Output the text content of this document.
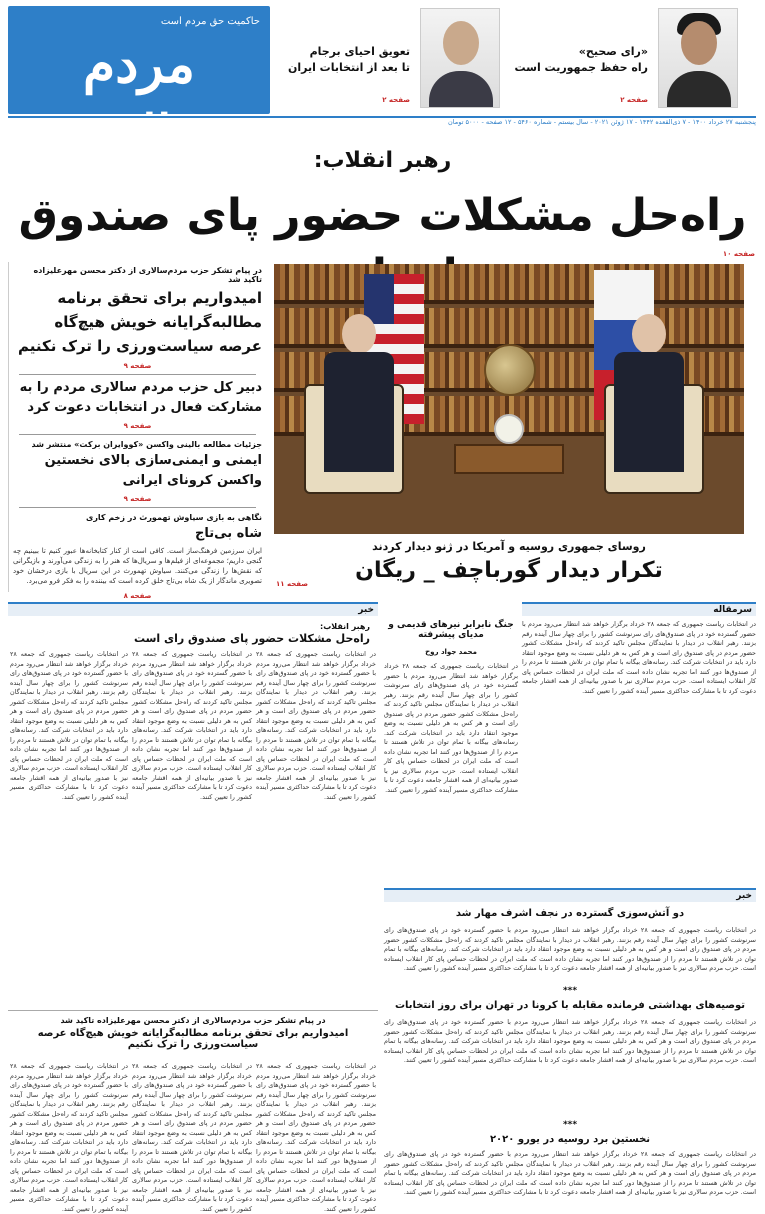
حاکمیت حق مردم است
مردم سالاری
«رای صحیح»
راه حفظ جمهوریت است
صفحه ۲
تعویق احیای برجام
تا بعد از انتخابات ایران
صفحه ۲
پنجشنبه ۲۷ خرداد ۱۴۰۰ - ۷ ذی‌القعده ۱۴۴۲ - ۱۷ ژوئن ۲۰۲۱ - سال بیستم - شماره ۵۴۶۰ - ۱۲ صفحه - ۵۰۰۰ تومان
رهبر انقلاب:
راه‌حل مشکلات حضور پای صندوق
صفحه ۱۰
در پیام تشکر حزب مردم‌سالاری از دکتر محسن مهرعلیزاده تاکید شد
امیدواریم برای تحقق برنامه مطالبه‌گرایانه خویش هیچ‌گاه عرصه سیاست‌ورزی را ترک نکنیم
صفحه ۹
دبیر کل حزب مردم سالاری مردم را به مشارکت فعال در انتخابات دعوت کرد
صفحه ۹
جزئیات مطالعه بالینی واکسن «کووایران برکت» منتشر شد
ایمنی و ایمنی‌سازی بالای نخستین واکسن کرونای ایرانی
صفحه ۹
نگاهی به بازی سیاوش تهمورث در زخم کاری
شاه بی‌تاج
ایران سرزمین فرهنگ‌ساز است. کافی است از کنار کتابخانه‌ها عبور کنیم تا ببینیم چه گنجی داریم؛ مجموعه‌ای از فیلم‌ها و سریال‌ها که هنر را به زندگی می‌آورند و بازیگرانی که نقش‌ها را زندگی می‌کنند. سیاوش تهمورث در این سریال با بازی درخشان خود تصویری ماندگار از یک شاه بی‌تاج خلق کرده است که بیننده را به فکر فرو می‌برد.
صفحه ۸
روسای جمهوری روسیه و آمریکا در ژنو دیدار کردند
تکرار دیدار گورباچف _ ریگان
صفحه ۱۱
سرمقاله
در انتخابات ریاست جمهوری که جمعه ۲۸ خرداد برگزار خواهد شد انتظار می‌رود مردم با حضور گسترده خود در پای صندوق‌های رای سرنوشت کشور را برای چهار سال آینده رقم بزنند. رهبر انقلاب در دیدار با نمایندگان مجلس تاکید کردند که راه‌حل مشکلات کشور حضور مردم در پای صندوق رای است و هر کس به هر دلیلی نسبت به وضع موجود انتقاد دارد باید در انتخابات شرکت کند. رسانه‌های بیگانه با تمام توان در تلاش هستند تا مردم را از صندوق‌ها دور کنند اما تجربه نشان داده است که ملت ایران در لحظات حساس پای کار انقلاب ایستاده است. حزب مردم سالاری نیز با صدور بیانیه‌ای از همه اقشار جامعه دعوت کرد تا با مشارکت حداکثری مسیر آینده کشور را تعیین کنند.
جنگ نابرابر نیرهای قدیمی و مدیای پیشرفته
محمد جواد روح
در انتخابات ریاست جمهوری که جمعه ۲۸ خرداد برگزار خواهد شد انتظار می‌رود مردم با حضور گسترده خود در پای صندوق‌های رای سرنوشت کشور را برای چهار سال آینده رقم بزنند. رهبر انقلاب در دیدار با نمایندگان مجلس تاکید کردند که راه‌حل مشکلات کشور حضور مردم در پای صندوق رای است و هر کس به هر دلیلی نسبت به وضع موجود انتقاد دارد باید در انتخابات شرکت کند. رسانه‌های بیگانه با تمام توان در تلاش هستند تا مردم را از صندوق‌ها دور کنند اما تجربه نشان داده است که ملت ایران در لحظات حساس پای کار انقلاب ایستاده است. حزب مردم سالاری نیز با صدور بیانیه‌ای از همه اقشار جامعه دعوت کرد تا با مشارکت حداکثری مسیر آینده کشور را تعیین کنند.
خبر
رهبر انقلاب:
راه‌حل مشکلات حضور پای صندوق رای است
در انتخابات ریاست جمهوری که جمعه ۲۸ خرداد برگزار خواهد شد انتظار می‌رود مردم با حضور گسترده خود در پای صندوق‌های رای سرنوشت کشور را برای چهار سال آینده رقم بزنند. رهبر انقلاب در دیدار با نمایندگان مجلس تاکید کردند که راه‌حل مشکلات کشور حضور مردم در پای صندوق رای است و هر کس به هر دلیلی نسبت به وضع موجود انتقاد دارد باید در انتخابات شرکت کند. رسانه‌های بیگانه با تمام توان در تلاش هستند تا مردم را از صندوق‌ها دور کنند اما تجربه نشان داده است که ملت ایران در لحظات حساس پای کار انقلاب ایستاده است. حزب مردم سالاری نیز با صدور بیانیه‌ای از همه اقشار جامعه دعوت کرد تا با مشارکت حداکثری مسیر آینده کشور را تعیین کنند.
در انتخابات ریاست جمهوری که جمعه ۲۸ خرداد برگزار خواهد شد انتظار می‌رود مردم با حضور گسترده خود در پای صندوق‌های رای سرنوشت کشور را برای چهار سال آینده رقم بزنند. رهبر انقلاب در دیدار با نمایندگان مجلس تاکید کردند که راه‌حل مشکلات کشور حضور مردم در پای صندوق رای است و هر کس به هر دلیلی نسبت به وضع موجود انتقاد دارد باید در انتخابات شرکت کند. رسانه‌های بیگانه با تمام توان در تلاش هستند تا مردم را از صندوق‌ها دور کنند اما تجربه نشان داده است که ملت ایران در لحظات حساس پای کار انقلاب ایستاده است. حزب مردم سالاری نیز با صدور بیانیه‌ای از همه اقشار جامعه دعوت کرد تا با مشارکت حداکثری مسیر آینده کشور را تعیین کنند.
در انتخابات ریاست جمهوری که جمعه ۲۸ خرداد برگزار خواهد شد انتظار می‌رود مردم با حضور گسترده خود در پای صندوق‌های رای سرنوشت کشور را برای چهار سال آینده رقم بزنند. رهبر انقلاب در دیدار با نمایندگان مجلس تاکید کردند که راه‌حل مشکلات کشور حضور مردم در پای صندوق رای است و هر کس به هر دلیلی نسبت به وضع موجود انتقاد دارد باید در انتخابات شرکت کند. رسانه‌های بیگانه با تمام توان در تلاش هستند تا مردم را از صندوق‌ها دور کنند اما تجربه نشان داده است که ملت ایران در لحظات حساس پای کار انقلاب ایستاده است. حزب مردم سالاری نیز با صدور بیانیه‌ای از همه اقشار جامعه دعوت کرد تا با مشارکت حداکثری مسیر آینده کشور را تعیین کنند.
خبر
دو آتش‌سوزی گسترده در نجف اشرف مهار شد
در انتخابات ریاست جمهوری که جمعه ۲۸ خرداد برگزار خواهد شد انتظار می‌رود مردم با حضور گسترده خود در پای صندوق‌های رای سرنوشت کشور را برای چهار سال آینده رقم بزنند. رهبر انقلاب در دیدار با نمایندگان مجلس تاکید کردند که راه‌حل مشکلات کشور حضور مردم در پای صندوق رای است و هر کس به هر دلیلی نسبت به وضع موجود انتقاد دارد باید در انتخابات شرکت کند. رسانه‌های بیگانه با تمام توان در تلاش هستند تا مردم را از صندوق‌ها دور کنند اما تجربه نشان داده است که ملت ایران در لحظات حساس پای کار انقلاب ایستاده است. حزب مردم سالاری نیز با صدور بیانیه‌ای از همه اقشار جامعه دعوت کرد تا با مشارکت حداکثری مسیر آینده کشور را تعیین کنند.
***
توصیه‌های بهداشتی فرمانده مقابله با کرونا در تهران برای روز انتخابات
در انتخابات ریاست جمهوری که جمعه ۲۸ خرداد برگزار خواهد شد انتظار می‌رود مردم با حضور گسترده خود در پای صندوق‌های رای سرنوشت کشور را برای چهار سال آینده رقم بزنند. رهبر انقلاب در دیدار با نمایندگان مجلس تاکید کردند که راه‌حل مشکلات کشور حضور مردم در پای صندوق رای است و هر کس به هر دلیلی نسبت به وضع موجود انتقاد دارد باید در انتخابات شرکت کند. رسانه‌های بیگانه با تمام توان در تلاش هستند تا مردم را از صندوق‌ها دور کنند اما تجربه نشان داده است که ملت ایران در لحظات حساس پای کار انقلاب ایستاده است. حزب مردم سالاری نیز با صدور بیانیه‌ای از همه اقشار جامعه دعوت کرد تا با مشارکت حداکثری مسیر آینده کشور را تعیین کنند.
***
نخستین برد روسیه در یورو ۲۰۲۰
در انتخابات ریاست جمهوری که جمعه ۲۸ خرداد برگزار خواهد شد انتظار می‌رود مردم با حضور گسترده خود در پای صندوق‌های رای سرنوشت کشور را برای چهار سال آینده رقم بزنند. رهبر انقلاب در دیدار با نمایندگان مجلس تاکید کردند که راه‌حل مشکلات کشور حضور مردم در پای صندوق رای است و هر کس به هر دلیلی نسبت به وضع موجود انتقاد دارد باید در انتخابات شرکت کند. رسانه‌های بیگانه با تمام توان در تلاش هستند تا مردم را از صندوق‌ها دور کنند اما تجربه نشان داده است که ملت ایران در لحظات حساس پای کار انقلاب ایستاده است. حزب مردم سالاری نیز با صدور بیانیه‌ای از همه اقشار جامعه دعوت کرد تا با مشارکت حداکثری مسیر آینده کشور را تعیین کنند.
در پیام تشکر حزب مردم‌سالاری از دکتر محسن مهرعلیزاده تاکید شد
امیدواریم برای تحقق برنامه مطالبه‌گرایانه خویش هیچ‌گاه عرصه سیاست‌ورزی را ترک نکنیم
در انتخابات ریاست جمهوری که جمعه ۲۸ خرداد برگزار خواهد شد انتظار می‌رود مردم با حضور گسترده خود در پای صندوق‌های رای سرنوشت کشور را برای چهار سال آینده رقم بزنند. رهبر انقلاب در دیدار با نمایندگان مجلس تاکید کردند که راه‌حل مشکلات کشور حضور مردم در پای صندوق رای است و هر کس به هر دلیلی نسبت به وضع موجود انتقاد دارد باید در انتخابات شرکت کند. رسانه‌های بیگانه با تمام توان در تلاش هستند تا مردم را از صندوق‌ها دور کنند اما تجربه نشان داده است که ملت ایران در لحظات حساس پای کار انقلاب ایستاده است. حزب مردم سالاری نیز با صدور بیانیه‌ای از همه اقشار جامعه دعوت کرد تا با مشارکت حداکثری مسیر آینده کشور را تعیین کنند.
در انتخابات ریاست جمهوری که جمعه ۲۸ خرداد برگزار خواهد شد انتظار می‌رود مردم با حضور گسترده خود در پای صندوق‌های رای سرنوشت کشور را برای چهار سال آینده رقم بزنند. رهبر انقلاب در دیدار با نمایندگان مجلس تاکید کردند که راه‌حل مشکلات کشور حضور مردم در پای صندوق رای است و هر کس به هر دلیلی نسبت به وضع موجود انتقاد دارد باید در انتخابات شرکت کند. رسانه‌های بیگانه با تمام توان در تلاش هستند تا مردم را از صندوق‌ها دور کنند اما تجربه نشان داده است که ملت ایران در لحظات حساس پای کار انقلاب ایستاده است. حزب مردم سالاری نیز با صدور بیانیه‌ای از همه اقشار جامعه دعوت کرد تا با مشارکت حداکثری مسیر آینده کشور را تعیین کنند.
در انتخابات ریاست جمهوری که جمعه ۲۸ خرداد برگزار خواهد شد انتظار می‌رود مردم با حضور گسترده خود در پای صندوق‌های رای سرنوشت کشور را برای چهار سال آینده رقم بزنند. رهبر انقلاب در دیدار با نمایندگان مجلس تاکید کردند که راه‌حل مشکلات کشور حضور مردم در پای صندوق رای است و هر کس به هر دلیلی نسبت به وضع موجود انتقاد دارد باید در انتخابات شرکت کند. رسانه‌های بیگانه با تمام توان در تلاش هستند تا مردم را از صندوق‌ها دور کنند اما تجربه نشان داده است که ملت ایران در لحظات حساس پای کار انقلاب ایستاده است. حزب مردم سالاری نیز با صدور بیانیه‌ای از همه اقشار جامعه دعوت کرد تا با مشارکت حداکثری مسیر آینده کشور را تعیین کنند.
